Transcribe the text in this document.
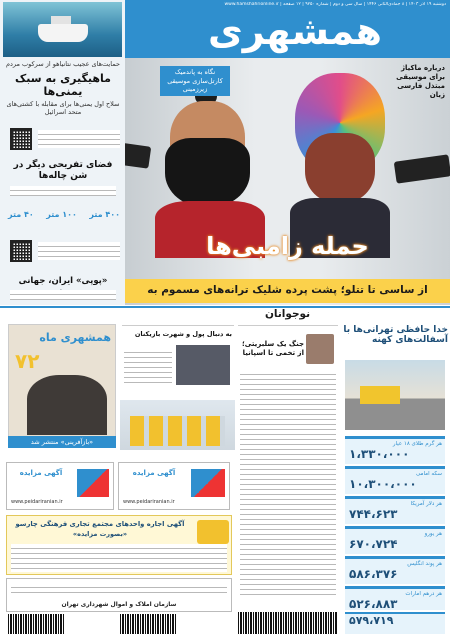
دوشنبه ۱۹ آذر ۱۴۰۳ | ۸ جمادی‌الثانی ۱۴۴۶ | سال سی و دوم | شماره ۹۲۵۰ | ۱۲ صفحه | www.hamshahrionline.ir
همشهری
حمایت‌های عجیب نتانیاهو از سرکوب مردم
ماهیگیری به سبک یمنی‌ها
سلاح اول یمنی‌ها برای مقابله با کشتی‌های متحد اسرائیل
فضای تفریحی دیگر در شن چاله‌ها
۴۰۰ متر
۱۰۰ متر
۴۰ متر
«پوپی» ایران، جهانی
نگاه به پاندمیک کارتل‌سازی موسیقی زیرزمینی
درباره ماکیاژ برای موسیقی مبتذل فارسی زبان
حمله زامبی‌ها
از ساسی تا تتلو؛ پشت پرده شلیک ترانه‌های مسموم به نوجوانان
خدا حافظی تهرانی‌ها با آسفالت‌های کهنه
هر گرم طلای ۱۸ عیار
۱،۳۳۰،۰۰۰
سکه امامی
۱۰،۳۰۰،۰۰۰
هر دلار آمریکا
۷۴۴،۶۲۳
هر یورو
۶۷۰،۷۲۴
هر پوند انگلیس
۵۸۶،۳۷۶
هر درهم امارات
۵۲۶،۸۸۳
۵۷۹،۷۱۹
جنگ یک سلبریتی؛ از تخمی تا اسپانیا
به دنبال پول و شهرت بازیکنان
همشهری ماه
۷۲
«بازآفرینی» منتشر شد
آگهی مزایده
www.peidariranian.ir
آگهی مزایده
www.peidariranian.ir
آگهی اجاره واحدهای مجتمع تجاری فرهنگی چارسو
«بصورت مزایده»
سازمان املاک و اموال شهرداری تهران
